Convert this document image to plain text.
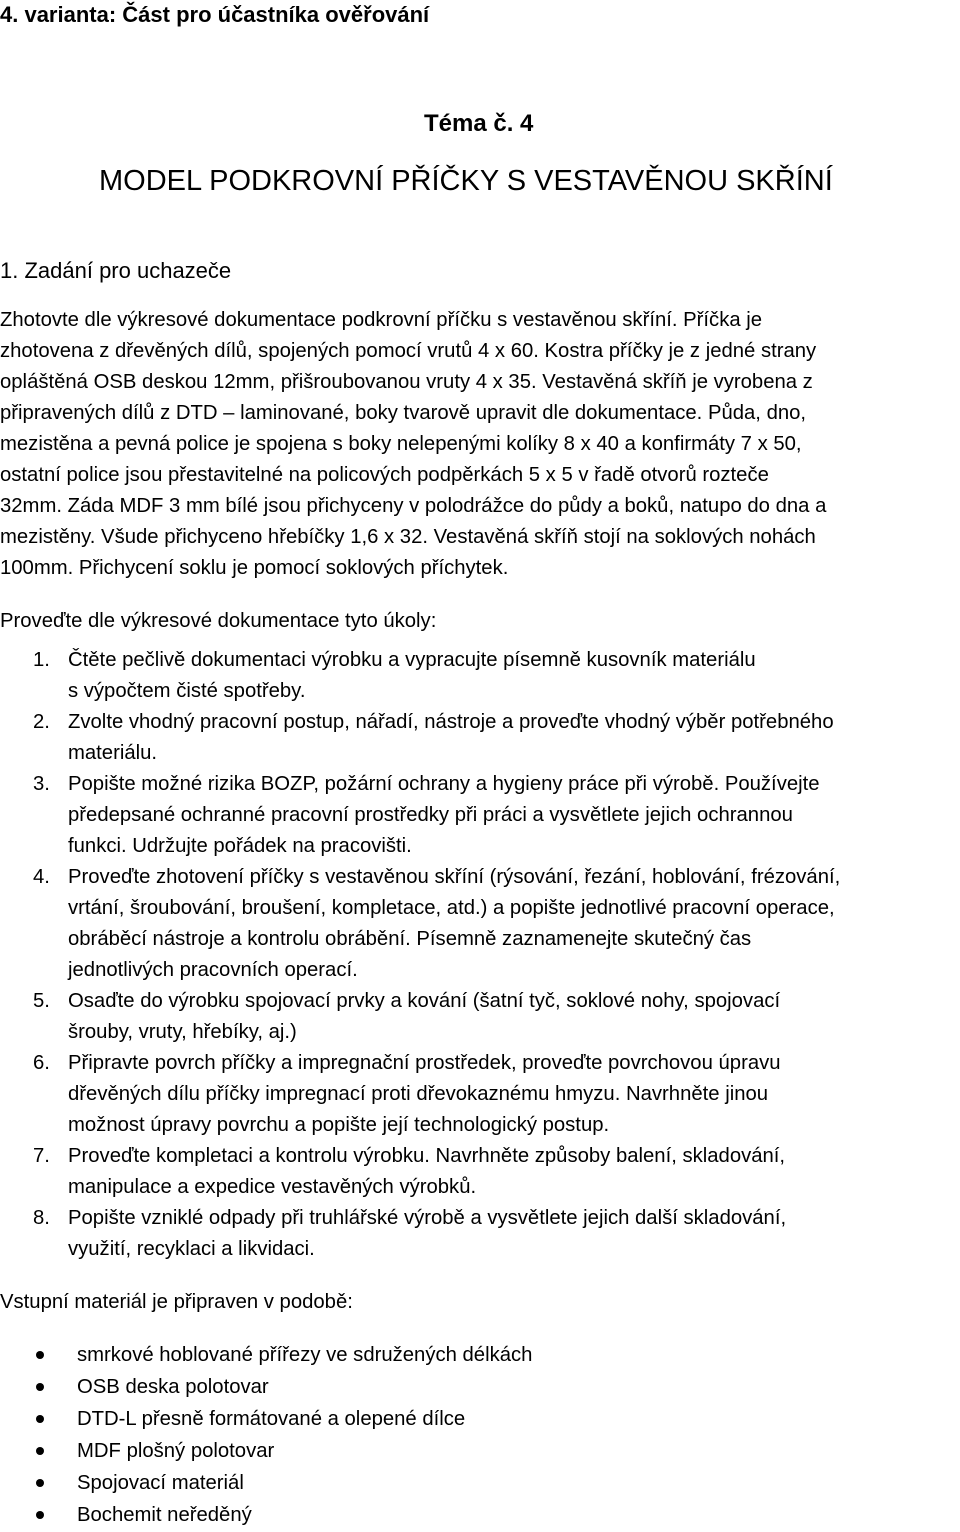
4. varianta: Část pro účastníka ověřování
Téma č. 4
MODEL PODKROVNÍ PŘÍČKY S VESTAVĚNOU SKŘÍNÍ
1. Zadání pro uchazeče
Zhotovte dle výkresové dokumentace podkrovní příčku s vestavěnou skříní. Příčka je
zhotovena z dřevěných dílů, spojených pomocí vrutů 4 x 60. Kostra příčky je z jedné strany
opláštěná OSB deskou 12mm, přišroubovanou vruty 4 x 35. Vestavěná skříň je vyrobena z
připravených dílů z DTD – laminované, boky tvarově upravit dle dokumentace. Půda, dno,
mezistěna a pevná police je spojena s boky nelepenými kolíky 8 x 40 a konfirmáty 7 x 50,
ostatní police jsou přestavitelné na policových podpěrkách 5 x 5 v řadě otvorů rozteče
32mm. Záda MDF 3 mm bílé jsou přichyceny v polodrážce do půdy a boků, natupo do dna a
mezistěny. Všude přichyceno hřebíčky 1,6 x 32. Vestavěná skříň stojí na soklových nohách
100mm. Přichycení soklu je pomocí soklových příchytek.
Proveďte dle výkresové dokumentace tyto úkoly:
1. Čtěte pečlivě dokumentaci výrobku a vypracujte písemně kusovník materiálu
s výpočtem čisté spotřeby.
2. Zvolte vhodný pracovní postup, nářadí, nástroje a proveďte vhodný výběr potřebného
materiálu.
3. Popište možné rizika BOZP, požární ochrany a hygieny práce při výrobě. Používejte
předepsané ochranné pracovní prostředky při práci a vysvětlete jejich ochrannou
funkci. Udržujte pořádek na pracovišti.
4. Proveďte zhotovení příčky s vestavěnou skříní (rýsování, řezání, hoblování, frézování,
vrtání, šroubování, broušení, kompletace, atd.) a popište jednotlivé pracovní operace,
obráběcí nástroje a kontrolu obrábění. Písemně zaznamenejte skutečný čas
jednotlivých pracovních operací.
5. Osaďte do výrobku spojovací prvky a kování (šatní tyč, soklové nohy, spojovací
šrouby, vruty, hřebíky, aj.)
6. Připravte povrch příčky a impregnační prostředek, proveďte povrchovou úpravu
dřevěných dílu příčky impregnací proti dřevokaznému hmyzu. Navrhněte jinou
možnost úpravy povrchu a popište její technologický postup.
7. Proveďte kompletaci a kontrolu výrobku. Navrhněte způsoby balení, skladování,
manipulace a expedice vestavěných výrobků.
8. Popište vzniklé odpady při truhlářské výrobě a vysvětlete jejich další skladování,
využití, recyklaci a likvidaci.
Vstupní materiál je připraven v podobě:
smrkové hoblované přířezy ve sdružených délkách
OSB deska polotovar
DTD-L přesně formátované a olepené dílce
MDF plošný polotovar
Spojovací materiál
Bochemit neředěný
